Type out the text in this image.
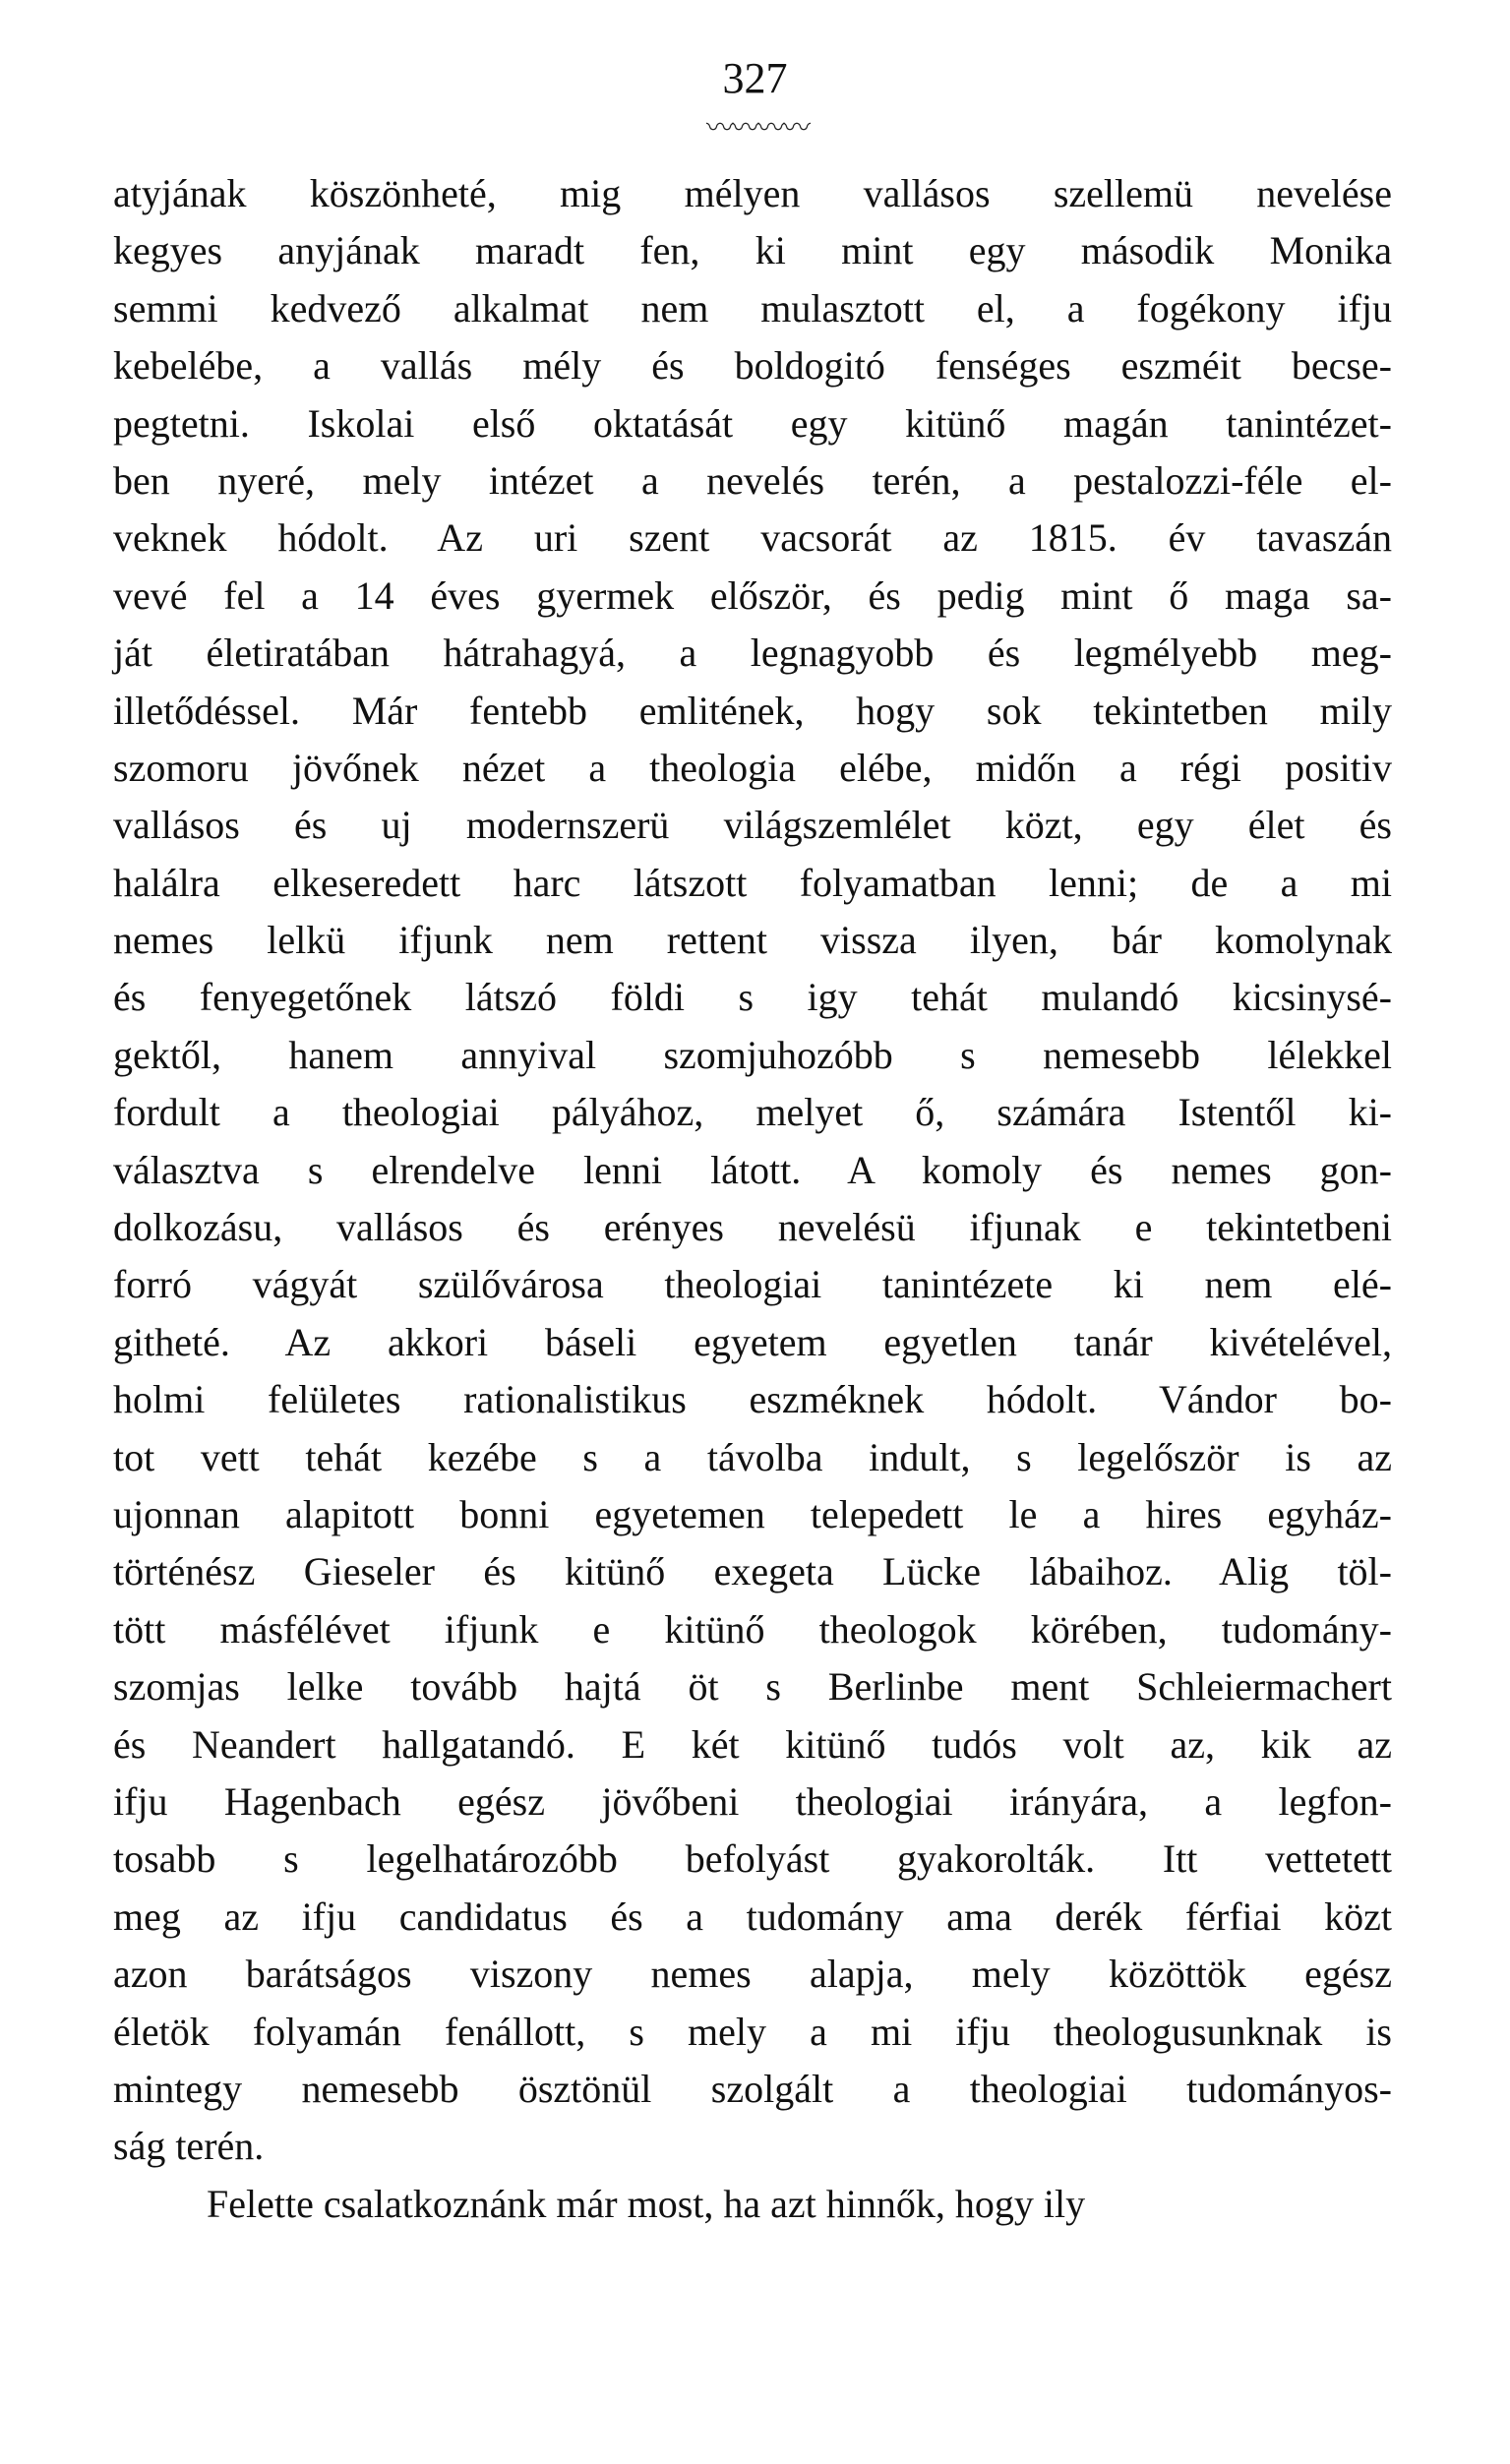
327
〰〰〰〰
atyjának köszönheté, mig mélyen vallásos szellemü nevelése
kegyes anyjának maradt fen, ki mint egy második Monika
semmi kedvező alkalmat nem mulasztott el, a fogékony ifju
kebelébe, a vallás mély és boldogitó fenséges eszméit becse-
pegtetni. Iskolai első oktatását egy kitünő magán tanintézet-
ben nyeré, mely intézet a nevelés terén, a pestalozzi-féle el-
veknek hódolt. Az uri szent vacsorát az 1815. év tavaszán
vevé fel a 14 éves gyermek először, és pedig mint ő maga sa-
ját életiratában hátrahagyá, a legnagyobb és legmélyebb meg-
illetődéssel. Már fentebb emlitének, hogy sok tekintetben mily
szomoru jövőnek nézet a theologia elébe, midőn a régi positiv
vallásos és uj modernszerü világszemlélet közt, egy élet és
halálra elkeseredett harc látszott folyamatban lenni; de a mi
nemes lelkü ifjunk nem rettent vissza ilyen, bár komolynak
és fenyegetőnek látszó földi s igy tehát mulandó kicsinysé-
gektől, hanem annyival szomjuhozóbb s nemesebb lélekkel
fordult a theologiai pályához, melyet ő, számára Istentől ki-
választva s elrendelve lenni látott. A komoly és nemes gon-
dolkozásu, vallásos és erényes nevelésü ifjunak e tekintetbeni
forró vágyát szülővárosa theologiai tanintézete ki nem elé-
githeté. Az akkori báseli egyetem egyetlen tanár kivételével,
holmi felületes rationalistikus eszméknek hódolt. Vándor bo-
tot vett tehát kezébe s a távolba indult, s legelőször is az
ujonnan alapitott bonni egyetemen telepedett le a hires egyház-
történész Gieseler és kitünő exegeta Lücke lábaihoz. Alig töl-
tött másfélévet ifjunk e kitünő theologok körében, tudomány-
szomjas lelke tovább hajtá öt s Berlinbe ment Schleiermachert
és Neandert hallgatandó. E két kitünő tudós volt az, kik az
ifju Hagenbach egész jövőbeni theologiai irányára, a legfon-
tosabb s legelhatározóbb befolyást gyakorolták. Itt vettetett
meg az ifju candidatus és a tudomány ama derék férfiai közt
azon barátságos viszony nemes alapja, mely közöttök egész
életök folyamán fenállott, s mely a mi ifju theologusunknak is
mintegy nemesebb ösztönül szolgált a theologiai tudományos-
ság terén.
Felette csalatkoznánk már most, ha azt hinnők, hogy ily
